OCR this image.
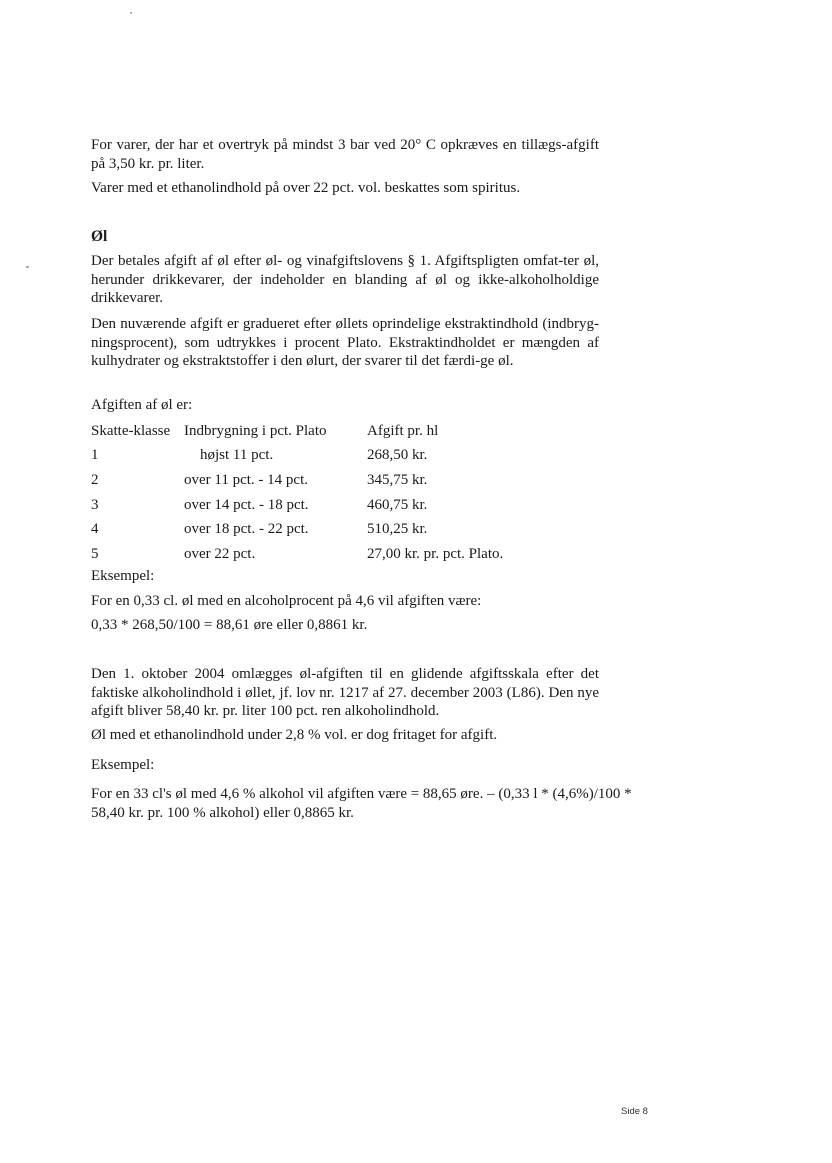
For varer, der har et overtryk på mindst 3 bar ved 20° C opkræves en tillægs-afgift på 3,50 kr. pr. liter.
Varer med et ethanolindhold på over 22 pct. vol. beskattes som spiritus.
Øl
Der betales afgift af øl efter øl- og vinafgiftslovens § 1. Afgiftspligten omfat-ter øl, herunder drikkevarer, der indeholder en blanding af øl og ikke-alkoholholdige drikkevarer.
Den nuværende afgift er gradueret efter øllets oprindelige ekstraktindhold (indbryg-ningsprocent), som udtrykkes i procent Plato. Ekstraktindholdet er mængden af kulhydrater og ekstraktstoffer i den ølurt, der svarer til det færdi-ge øl.
Afgiften af øl er:
Skatte-klasse	Indbrygning i pct. Plato	Afgift pr. hl
1	højst 11 pct.	268,50 kr.
2	over 11 pct. - 14 pct.	345,75 kr.
3	over 14 pct. - 18 pct.	460,75 kr.
4	over 18 pct. - 22 pct.	510,25 kr.
5	over 22 pct.	27,00 kr. pr. pct. Plato.
Eksempel:
For en 0,33 cl. øl med en alcoholprocent på 4,6 vil afgiften være:
0,33 * 268,50/100 = 88,61 øre eller 0,8861 kr.
Den 1. oktober 2004 omlægges øl-afgiften til en glidende afgiftsskala efter det faktiske alkoholindhold i øllet, jf. lov nr. 1217 af 27. december 2003 (L86). Den nye afgift bliver 58,40 kr. pr. liter 100 pct. ren alkoholindhold.
Øl med et ethanolindhold under 2,8 % vol. er dog fritaget for afgift.
Eksempel:
For en 33 cl's øl med 4,6 % alkohol vil afgiften være = 88,65 øre. – (0,33 l * (4,6%)/100 * 58,40 kr. pr. 100 % alkohol) eller 0,8865 kr.
Side 8
